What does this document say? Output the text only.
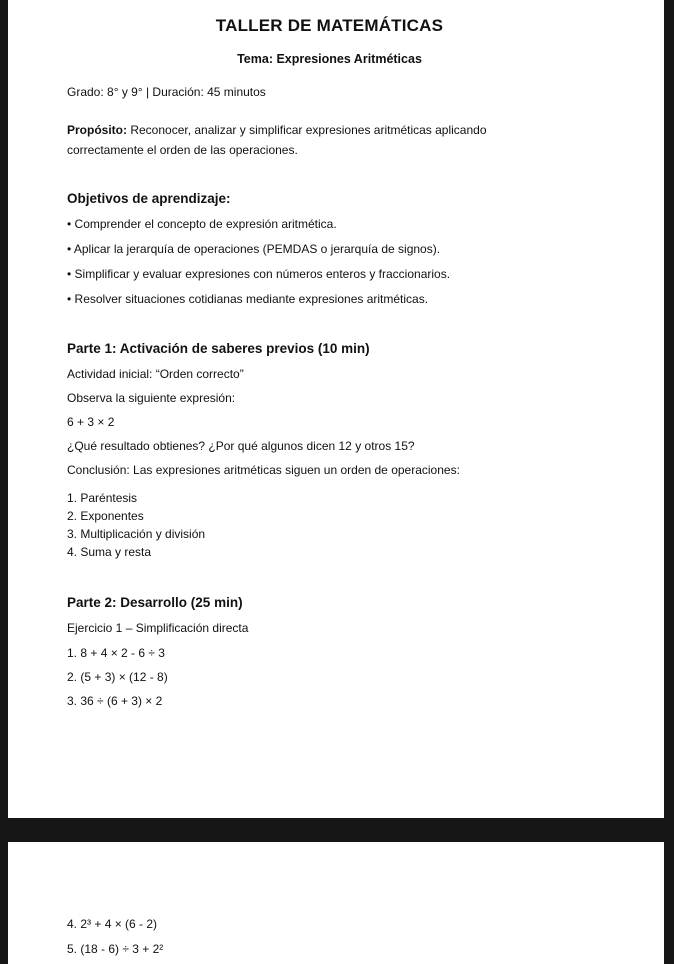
TALLER DE MATEMÁTICAS
Tema: Expresiones Aritméticas

Grado: 8° y 9° | Duración: 45 minutos

Propósito: Reconocer, analizar y simplificar expresiones aritméticas aplicando correctamente el orden de las operaciones.

Objetivos de aprendizaje:

• Comprender el concepto de expresión aritmética.

• Aplicar la jerarquía de operaciones (PEMDAS o jerarquía de signos).

• Simplificar y evaluar expresiones con números enteros y fraccionarios.

• Resolver situaciones cotidianas mediante expresiones aritméticas.

Parte 1: Activación de saberes previos (10 min)

Actividad inicial: “Orden correcto”

Observa la siguiente expresión:

6 + 3 × 2

¿Qué resultado obtienes? ¿Por qué algunos dicen 12 y otros 15?

Conclusión: Las expresiones aritméticas siguen un orden de operaciones:

1. Paréntesis

2. Exponentes

3. Multiplicación y división

4. Suma y resta

Parte 2: Desarrollo (25 min)

Ejercicio 1 – Simplificación directa

1. 8 + 4 × 2 - 6 ÷ 3

2. (5 + 3) × (12 - 8)

3. 36 ÷ (6 + 3) × 2

4. 2³ + 4 × (6 - 2)

5. (18 - 6) ÷ 3 + 2²
